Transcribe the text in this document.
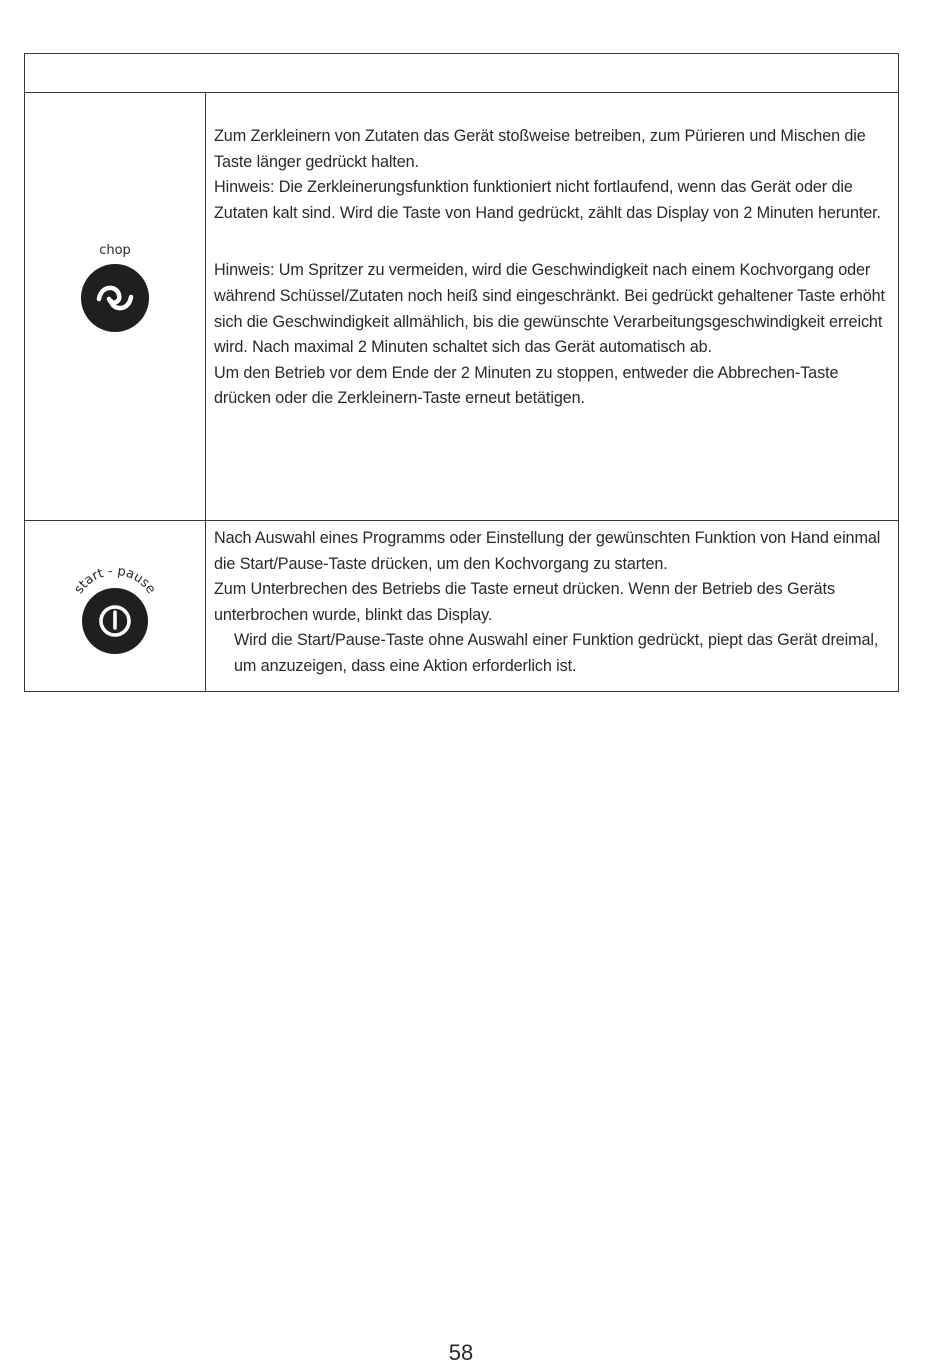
chop

Zum Zerkleinern von Zutaten das Gerät stoßweise betreiben, zum Pürieren und Mischen die Taste länger gedrückt halten.

Hinweis: Die Zerkleinerungsfunktion funktioniert nicht fortlaufend, wenn das Gerät oder die Zutaten kalt sind. Wird die Taste von Hand gedrückt, zählt das Display von 2 Minuten herunter.

Hinweis: Um Spritzer zu vermeiden, wird die Geschwindigkeit nach einem Kochvorgang oder während Schüssel/Zutaten noch heiß sind eingeschränkt. Bei gedrückt gehaltener Taste erhöht sich die Geschwindigkeit allmählich, bis die gewünschte Verarbeitungsgeschwindigkeit erreicht wird. Nach maximal 2 Minuten schaltet sich das Gerät automatisch ab.

Um den Betrieb vor dem Ende der 2 Minuten zu stoppen, entweder die Abbrechen-Taste drücken oder die Zerkleinern-Taste erneut betätigen.

start - pause

Nach Auswahl eines Programms oder Einstellung der gewünschten Funktion von Hand einmal die Start/Pause-Taste drücken, um den Kochvorgang zu starten.

Zum Unterbrechen des Betriebs die Taste erneut drücken. Wenn der Betrieb des Geräts unterbrochen wurde, blinkt das Display.

Wird die Start/Pause-Taste ohne Auswahl einer Funktion gedrückt, piept das Gerät dreimal, um anzuzeigen, dass eine Aktion erforderlich ist.

58
